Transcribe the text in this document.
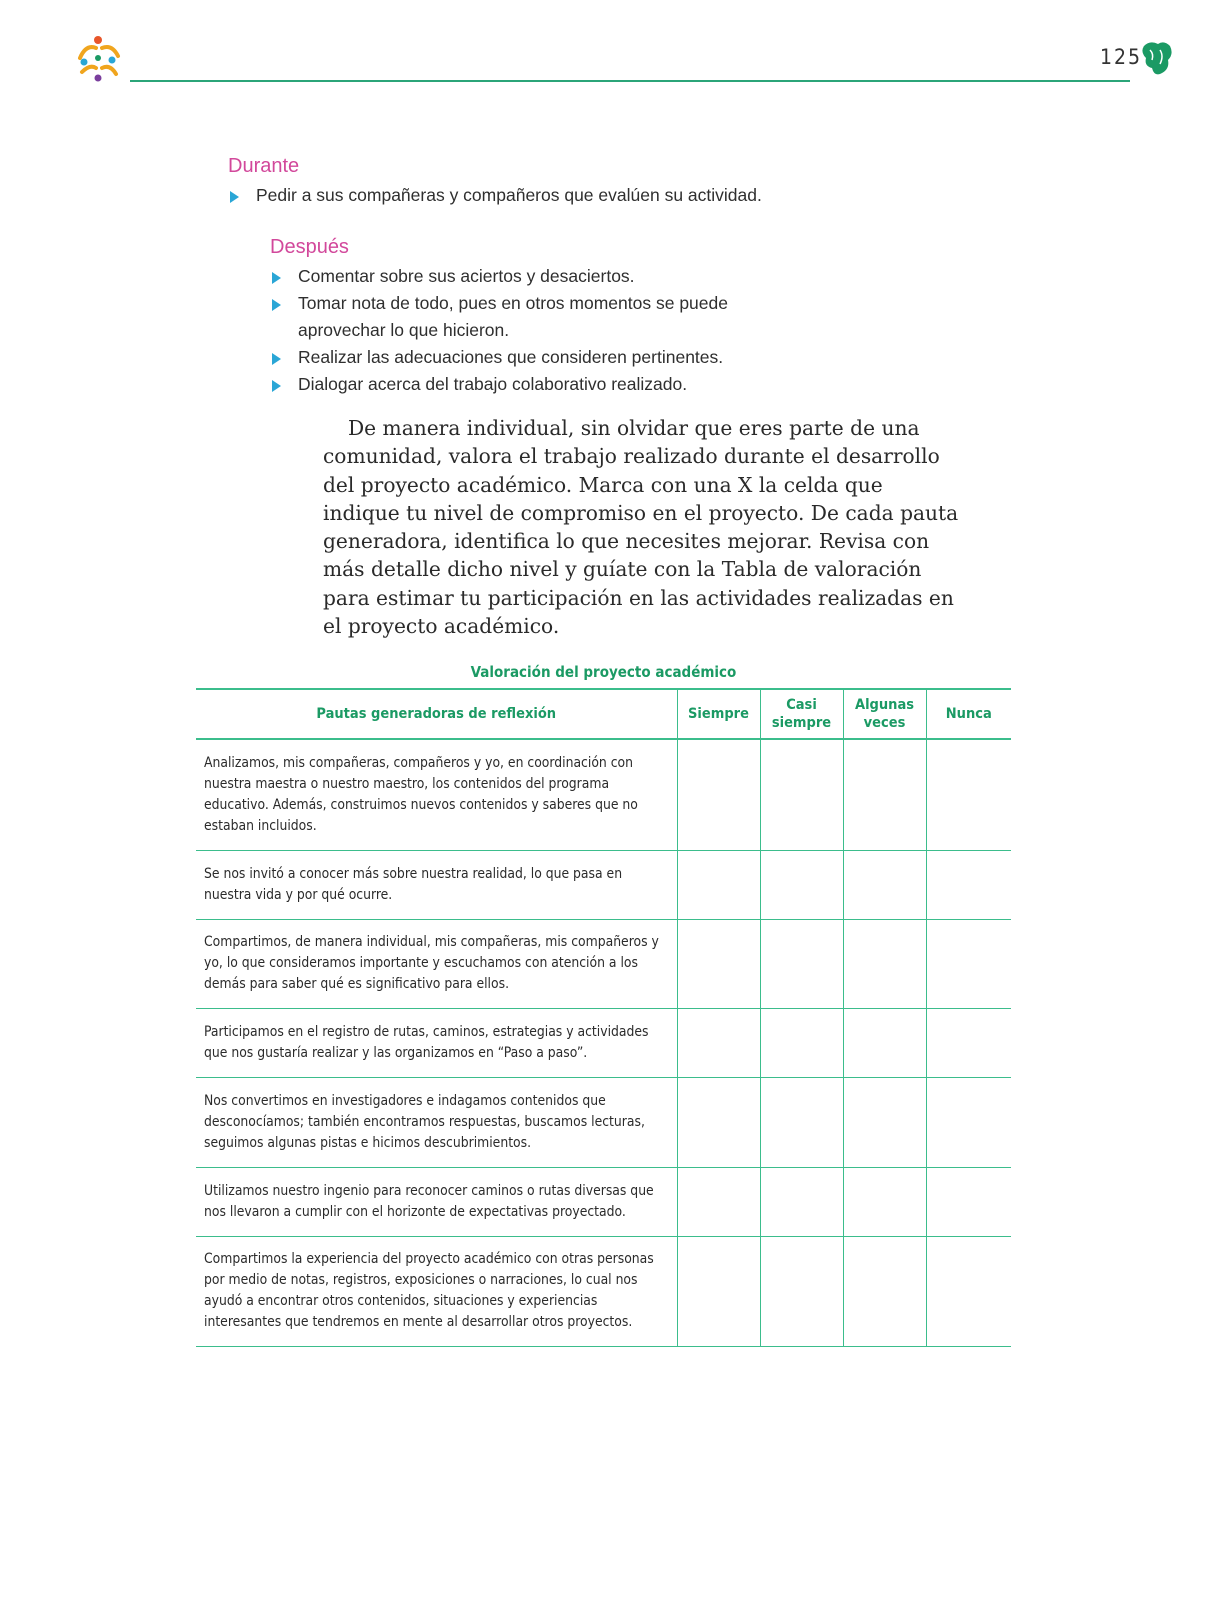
125
Durante
Pedir a sus compañeras y compañeros que evalúen su actividad.
Después
Comentar sobre sus aciertos y desaciertos.
Tomar nota de todo, pues en otros momentos se puede aprovechar lo que hicieron.
Realizar las adecuaciones que consideren pertinentes.
Dialogar acerca del trabajo colaborativo realizado.

De manera individual, sin olvidar que eres parte de una comunidad, valora el trabajo realizado durante el desarrollo del proyecto académico. Marca con una X la celda que indique tu nivel de compromiso en el proyecto. De cada pauta generadora, identifica lo que necesites mejorar. Revisa con más detalle dicho nivel y guíate con la Tabla de valoración para estimar tu participación en las actividades realizadas en el proyecto académico.

Valoración del proyecto académico
Pautas generadoras de reflexión	Siempre	Casi siempre	Algunas veces	Nunca
Analizamos, mis compañeras, compañeros y yo, en coordinación con nuestra maestra o nuestro maestro, los contenidos del programa educativo. Además, construimos nuevos contenidos y saberes que no estaban incluidos.				
Se nos invitó a conocer más sobre nuestra realidad, lo que pasa en nuestra vida y por qué ocurre.				
Compartimos, de manera individual, mis compañeras, mis compañeros y yo, lo que consideramos importante y escuchamos con atención a los demás para saber qué es significativo para ellos.				
Participamos en el registro de rutas, caminos, estrategias y actividades que nos gustaría realizar y las organizamos en “Paso a paso”.				
Nos convertimos en investigadores e indagamos contenidos que desconocíamos; también encontramos respuestas, buscamos lecturas, seguimos algunas pistas e hicimos descubrimientos.				
Utilizamos nuestro ingenio para reconocer caminos o rutas diversas que nos llevaron a cumplir con el horizonte de expectativas proyectado.				
Compartimos la experiencia del proyecto académico con otras personas por medio de notas, registros, exposiciones o narraciones, lo cual nos ayudó a encontrar otros contenidos, situaciones y experiencias interesantes que tendremos en mente al desarrollar otros proyectos.				
